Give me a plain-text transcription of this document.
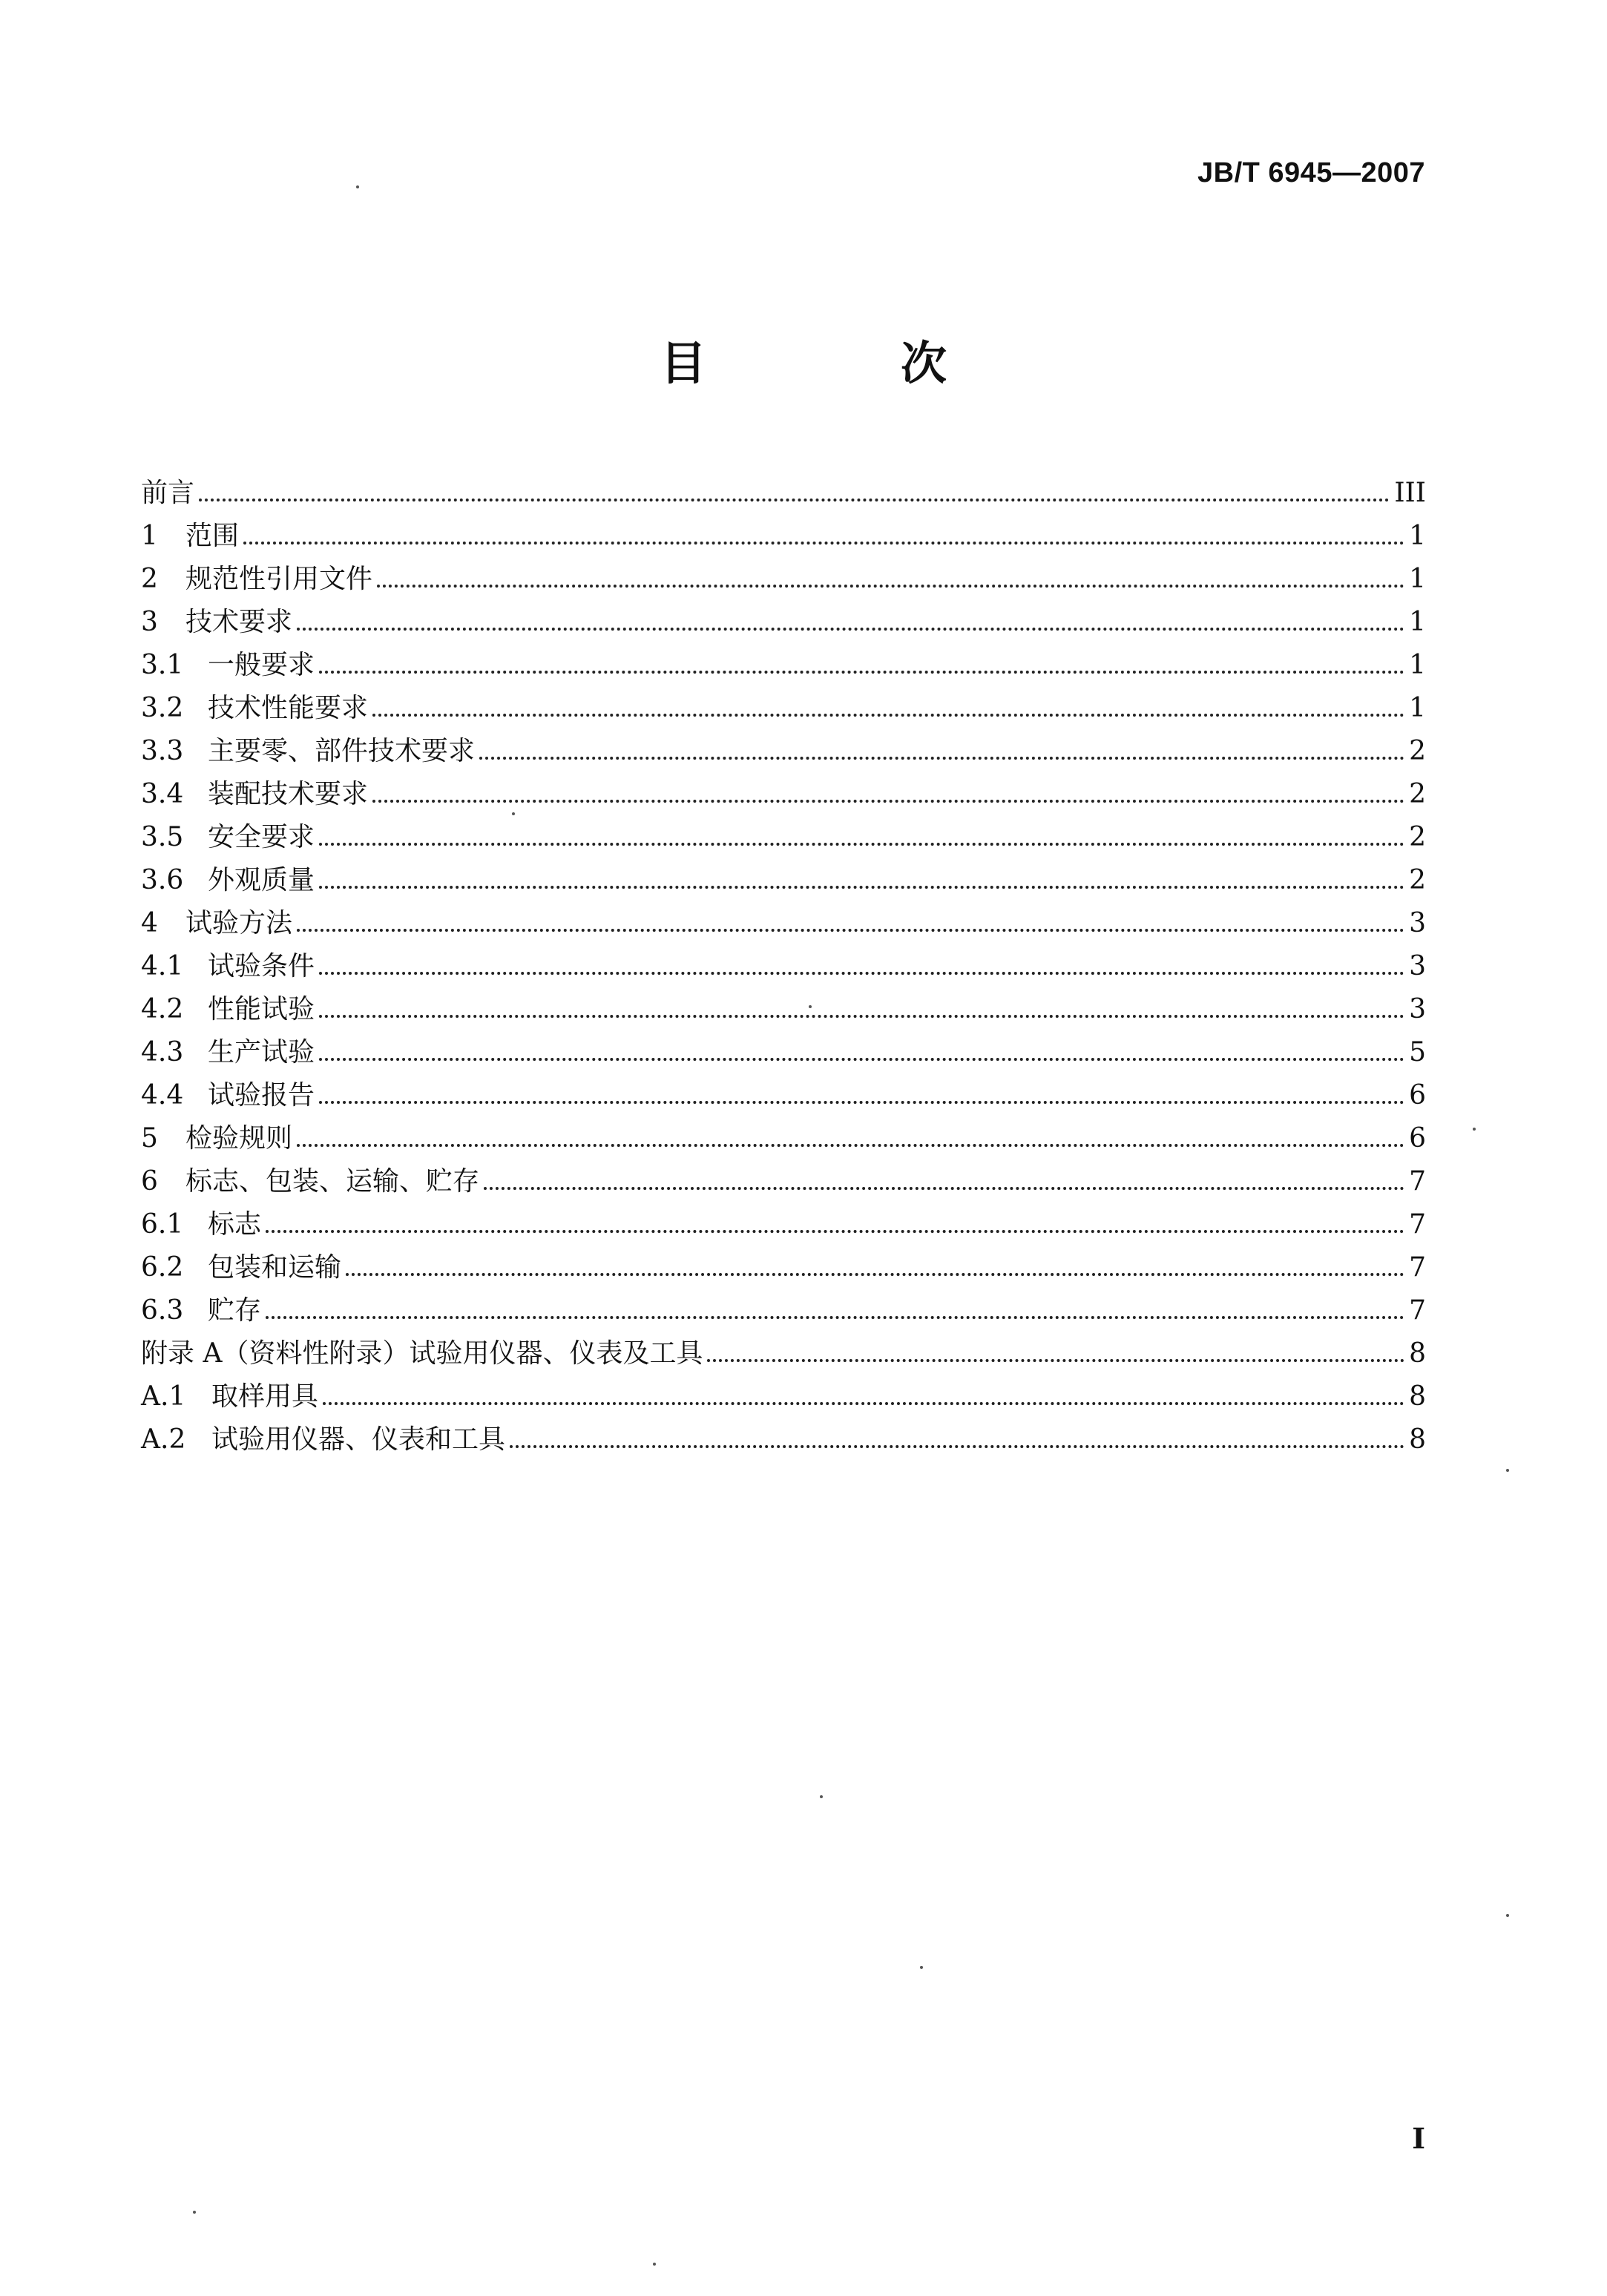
JB/T 6945—2007
目　次
前言	III
1	范围	1
2	规范性引用文件	1
3	技术要求	1
3.1 一般要求	1
3.2 技术性能要求	1
3.3 主要零、部件技术要求	2
3.4 装配技术要求	2
3.5 安全要求	2
3.6 外观质量	2
4	试验方法	3
4.1 试验条件	3
4.2 性能试验	3
4.3 生产试验	5
4.4 试验报告	6
5	检验规则	6
6	标志、包装、运输、贮存	7
6.1 标志	7
6.2 包装和运输	7
6.3 贮存	7
附录 A（资料性附录）试验用仪器、仪表及工具	8
A.1 取样用具	8
A.2 试验用仪器、仪表和工具	8
I
